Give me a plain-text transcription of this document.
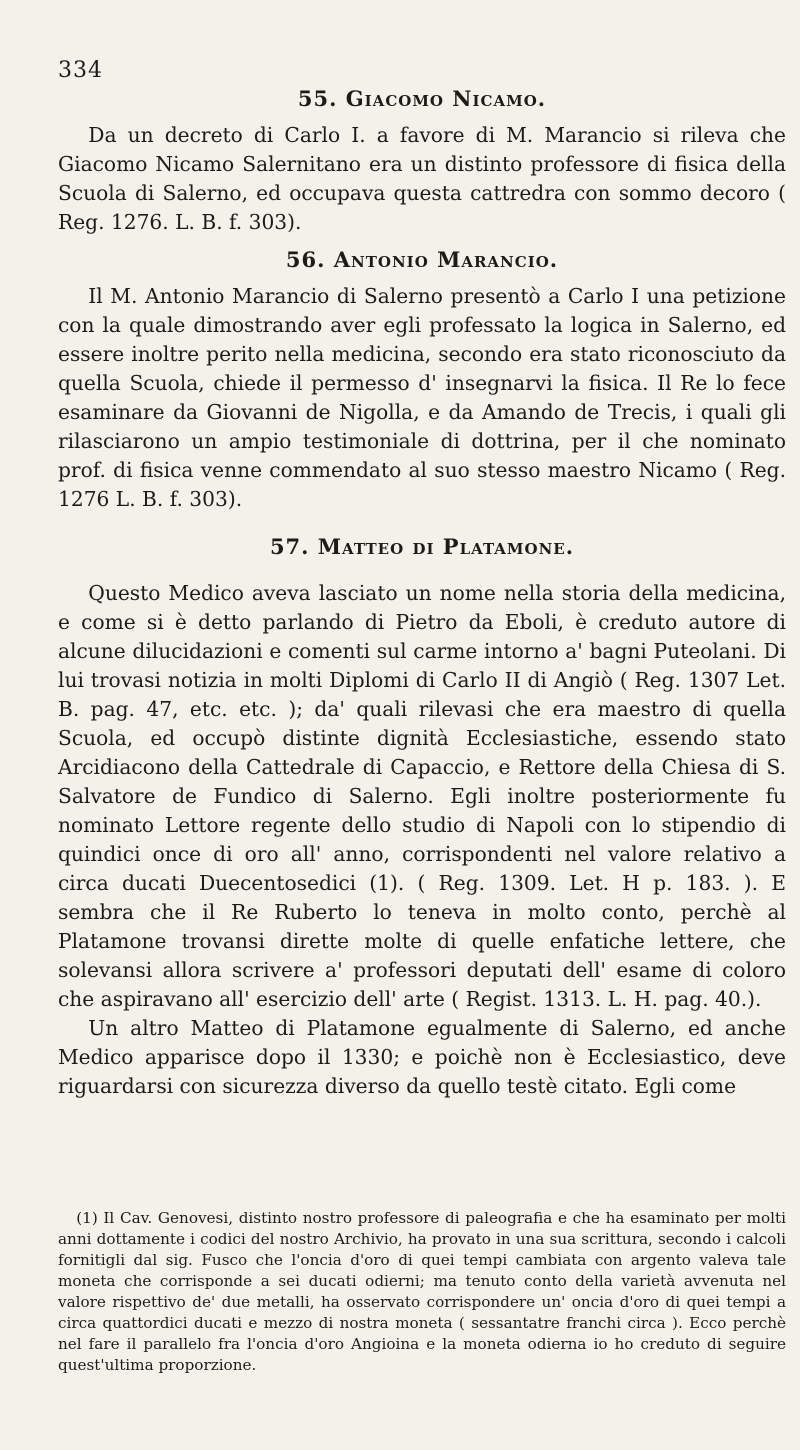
334
55. Giacomo Nicamo.

Da un decreto di Carlo I. a favore di M. Marancio si rileva che Giacomo Nicamo Salernitano era un distinto professore di fisica della Scuola di Salerno, ed occupava questa cattredra con sommo decoro ( Reg. 1276. L. B. f. 303).

56. Antonio Marancio.

Il M. Antonio Marancio di Salerno presentò a Carlo I una petizione con la quale dimostrando aver egli professato la logica in Salerno, ed essere inoltre perito nella medicina, secondo era stato riconosciuto da quella Scuola, chiede il permesso d' insegnarvi la fisica. Il Re lo fece esaminare da Giovanni de Nigolla, e da Amando de Trecis, i quali gli rilasciarono un ampio testimoniale di dottrina, per il che nominato prof. di fisica venne commendato al suo stesso maestro Nicamo ( Reg. 1276 L. B. f. 303).

57. Matteo di Platamone.

Questo Medico aveva lasciato un nome nella storia della medicina, e come si è detto parlando di Pietro da Eboli, è creduto autore di alcune dilucidazioni e comenti sul carme intorno a' bagni Puteolani. Di lui trovasi notizia in molti Diplomi di Carlo II di Angiò ( Reg. 1307 Let. B. pag. 47, etc. etc. ); da' quali rilevasi che era maestro di quella Scuola, ed occupò distinte dignità Ecclesiastiche, essendo stato Arcidiacono della Cattedrale di Capaccio, e Rettore della Chiesa di S. Salvatore de Fundico di Salerno. Egli inoltre posteriormente fu nominato Lettore regente dello studio di Napoli con lo stipendio di quindici once di oro all' anno, corrispondenti nel valore relativo a circa ducati Duecentosedici (1). ( Reg. 1309. Let. H p. 183. ). E sembra che il Re Ruberto lo teneva in molto conto, perchè al Platamone trovansi dirette molte di quelle enfatiche lettere, che solevansi allora scrivere a' professori deputati dell' esame di coloro che aspiravano all' esercizio dell' arte ( Regist. 1313. L. H. pag. 40.).

Un altro Matteo di Platamone egualmente di Salerno, ed anche Medico apparisce dopo il 1330; e poichè non è Ecclesiastico, deve riguardarsi con sicurezza diverso da quello testè citato. Egli come

(1) Il Cav. Genovesi, distinto nostro professore di paleografia e che ha esaminato per molti anni dottamente i codici del nostro Archivio, ha provato in una sua scrittura, secondo i calcoli fornitigli dal sig. Fusco che l'oncia d'oro di quei tempi cambiata con argento valeva tale moneta che corrisponde a sei ducati odierni; ma tenuto conto della varietà avvenuta nel valore rispettivo de' due metalli, ha osservato corrispondere un' oncia d'oro di quei tempi a circa quattordici ducati e mezzo di nostra moneta ( sessantatre franchi circa ). Ecco perchè nel fare il parallelo fra l'oncia d'oro Angioina e la moneta odierna io ho creduto di seguire quest'ultima proporzione.
